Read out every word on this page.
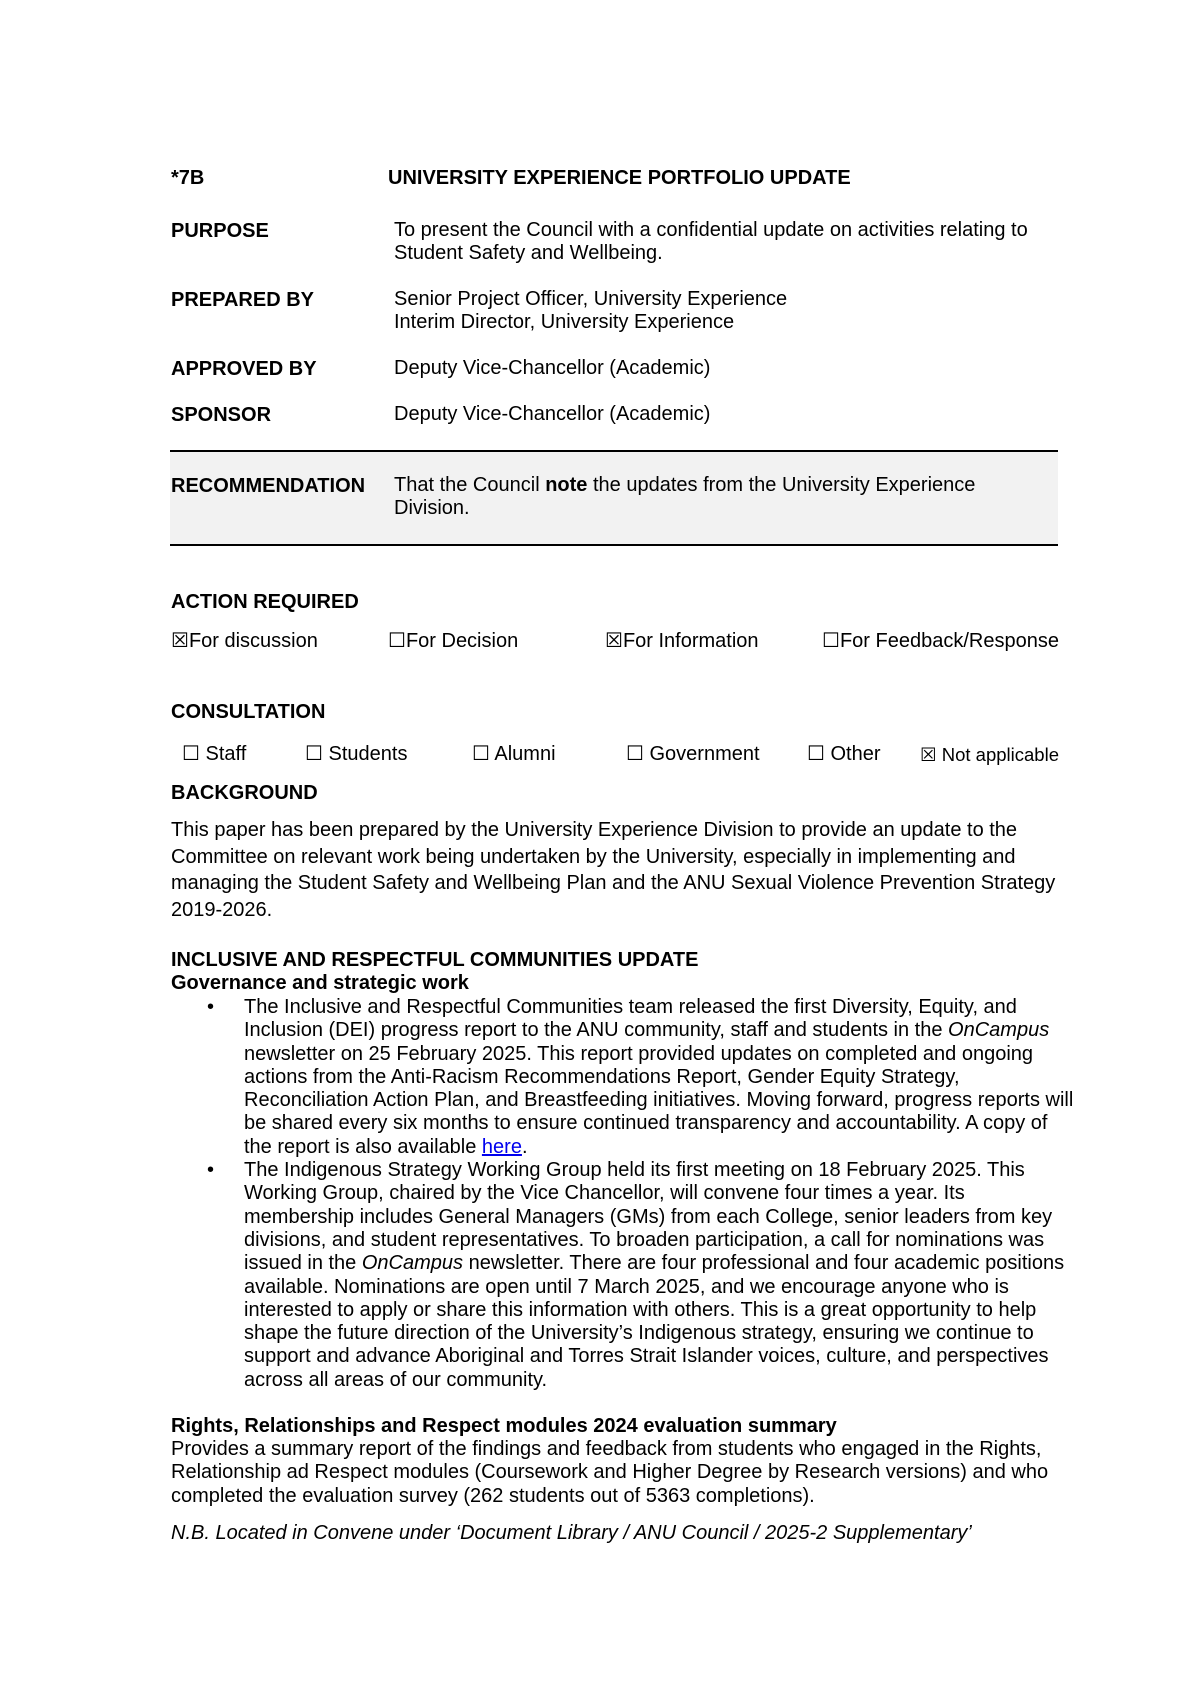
*7B	UNIVERSITY EXPERIENCE PORTFOLIO UPDATE
PURPOSE	To present the Council with a confidential update on activities relating to
Student Safety and Wellbeing.
PREPARED BY	Senior Project Officer, University Experience
Interim Director, University Experience
APPROVED BY	Deputy Vice-Chancellor (Academic)
SPONSOR	Deputy Vice-Chancellor (Academic)
RECOMMENDATION That the Council note the updates from the University Experience
Division.
ACTION REQUIRED
☒For discussion	☐For Decision	☒For Information	☐For Feedback/Response
CONSULTATION
☐ Staff	☐ Students	☐ Alumni	☐ Government ☐ Other ☒ Not applicable
BACKGROUND
This paper has been prepared by the University Experience Division to provide an update to the
Committee on relevant work being undertaken by the University, especially in implementing and
managing the Student Safety and Wellbeing Plan and the ANU Sexual Violence Prevention Strategy
2019-2026.
INCLUSIVE AND RESPECTFUL COMMUNITIES UPDATE
Governance and strategic work
• The Inclusive and Respectful Communities team released the first Diversity, Equity, and
Inclusion (DEI) progress report to the ANU community, staff and students in the OnCampus
newsletter on 25 February 2025. This report provided updates on completed and ongoing
actions from the Anti-Racism Recommendations Report, Gender Equity Strategy,
Reconciliation Action Plan, and Breastfeeding initiatives. Moving forward, progress reports will
be shared every six months to ensure continued transparency and accountability. A copy of
the report is also available here.
• The Indigenous Strategy Working Group held its first meeting on 18 February 2025. This
Working Group, chaired by the Vice Chancellor, will convene four times a year. Its
membership includes General Managers (GMs) from each College, senior leaders from key
divisions, and student representatives. To broaden participation, a call for nominations was
issued in the OnCampus newsletter. There are four professional and four academic positions
available. Nominations are open until 7 March 2025, and we encourage anyone who is
interested to apply or share this information with others. This is a great opportunity to help
shape the future direction of the University’s Indigenous strategy, ensuring we continue to
support and advance Aboriginal and Torres Strait Islander voices, culture, and perspectives
across all areas of our community.
Rights, Relationships and Respect modules 2024 evaluation summary
Provides a summary report of the findings and feedback from students who engaged in the Rights,
Relationship ad Respect modules (Coursework and Higher Degree by Research versions) and who
completed the evaluation survey (262 students out of 5363 completions).
N.B. Located in Convene under ‘Document Library / ANU Council / 2025-2 Supplementary’
